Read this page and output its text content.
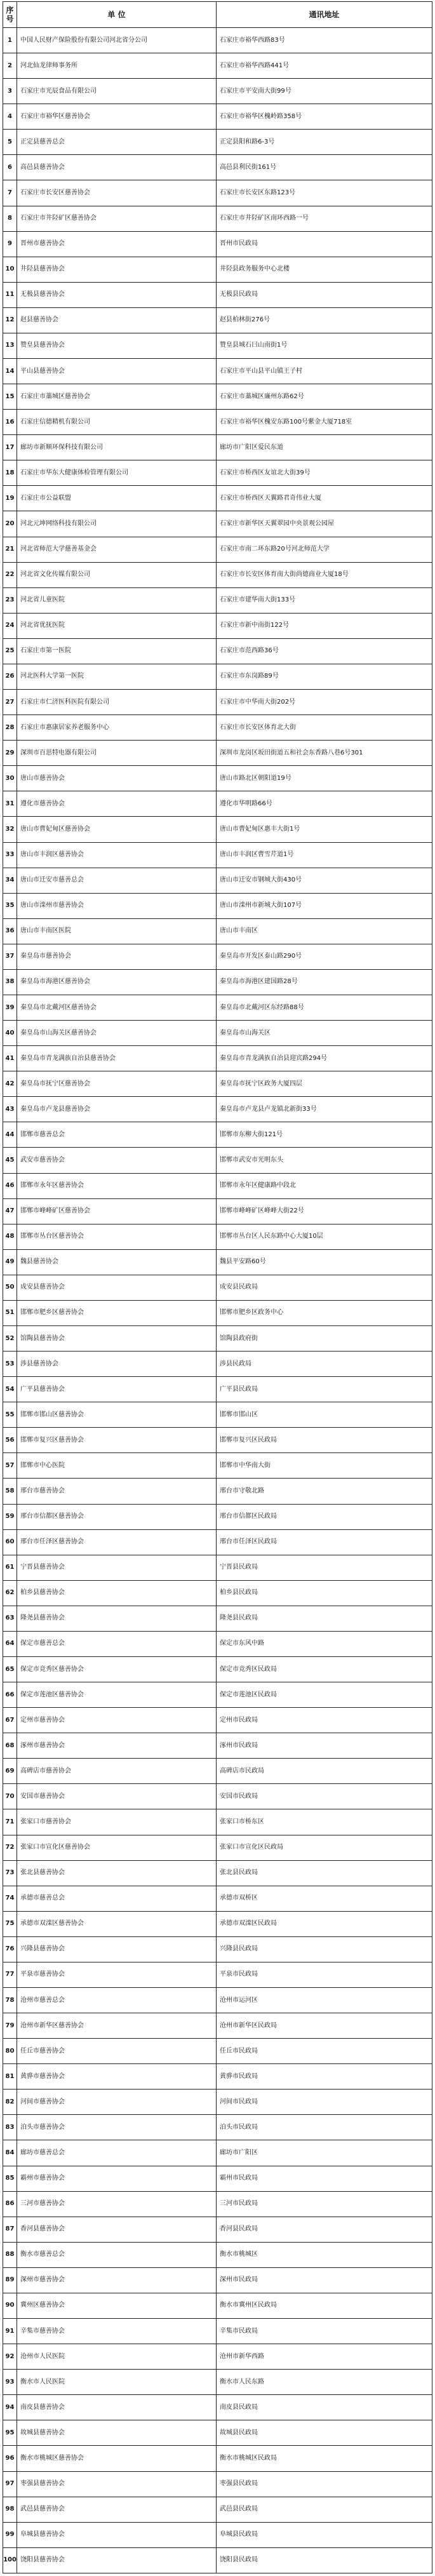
序号	单 位	通讯地址
1	中国人民财产保险股份有限公司河北省分公司	石家庄市裕华西路83号
2	河北仙龙律师事务所	石家庄市裕华西路441号
3	石家庄市光辰食品有限公司	石家庄市平安南大街99号
4	石家庄市裕华区慈善协会	石家庄市裕华区槐岭路358号
5	正定县慈善总会	正定县阳和路6-3号
6	高邑县慈善协会	高邑县利民街161号
7	石家庄市长安区慈善协会	石家庄市长安区东路123号
8	石家庄市井陉矿区慈善协会	石家庄市井陉矿区南环西路一号
9	晋州市慈善协会	晋州市民政局
10	井陉县慈善协会	井陉县政务服务中心北楼
11	无极县慈善协会	无极县民政局
12	赵县慈善协会	赵县柏林街276号
13	赞皇县慈善协会	赞皇县城石曰山南街1号
14	平山县慈善协会	石家庄市平山县平山镇王子村
15	石家庄市藁城区慈善协会	石家庄市藁城区廉州东路62号
16	石家庄信德精机有限公司	石家庄市裕华区槐安东路100号紫金大厦718室
17	廊坊市新顺环保科技有限公司	廊坊市广阳区爱民东道
18	石家庄市华东大健康体检管理有限公司	石家庄市桥西区友谊北大街39号
19	石家庄市公益联盟	石家庄市桥西区天翼路君奇伟业大厦
20	河北元坤网络科技有限公司	石家庄市新华区天翼翠园中央景观公园屋
21	河北省师范大学慈善基金会	石家庄市南二环东路20号河北师范大学
22	河北省文化传媒有限公司	石家庄市长安区体育南大街尚德商业大厦18号
23	河北省儿童医院	石家庄市建华南大街133号
24	河北省优抚医院	石家庄市新中南街122号
25	石家庄市第一医院	石家庄市范西路36号
26	河北医科大学第一医院	石家庄市东岗路89号
27	石家庄市仁济医科医院有限公司	石家庄市中华南大街202号
28	石家庄市惠康居家养老服务中心	石家庄市长安区体育北大街
29	深圳市百思特电器有限公司	深圳市龙岗区坂田街道五和社会东香路八巷6号301
30	唐山市慈善协会	唐山市路北区朝阳道19号
31	遵化市慈善协会	遵化市华明路66号
32	唐山市曹妃甸区慈善协会	唐山市曹妃甸区惠丰大街1号
33	唐山市丰润区慈善协会	唐山市丰润区曹雪芹道1号
34	唐山市迁安市慈善总会	唐山市迁安市钢城大街430号
35	唐山市滦州市慈善协会	唐山市滦州市新城大街107号
36	唐山市丰南区医院	唐山市丰南区
37	秦皇岛市慈善协会	秦皇岛市开发区泰山路290号
38	秦皇岛市海港区慈善协会	秦皇岛市海港区建国路28号
39	秦皇岛市北戴河区慈善协会	秦皇岛市北戴河区东经路88号
40	秦皇岛市山海关区慈善协会	秦皇岛市山海关区
41	秦皇岛市青龙满族自治县慈善协会	秦皇岛市青龙满族自治县迎宾路294号
42	秦皇岛市抚宁区慈善协会	秦皇岛市抚宁区政务大厦四层
43	秦皇岛市卢龙县慈善协会	秦皇岛市卢龙县卢龙镇北新街33号
44	邯郸市慈善总会	邯郸市东柳大街121号
45	武安市慈善协会	邯郸市武安市光明东头
46	邯郸市永年区慈善协会	邯郸市永年区健康路中段北
47	邯郸市峰峰矿区慈善协会	邯郸市峰峰矿区峰峰大街22号
48	邯郸市丛台区慈善协会	邯郸市丛台区人民东路中心大厦10层
49	魏县慈善协会	魏县平安路60号
50	成安县慈善协会	成安县民政局
51	邯郸市肥乡区慈善协会	邯郸市肥乡区政务中心
52	馆陶县慈善协会	馆陶县政府街
53	涉县慈善协会	涉县民政局
54	广平县慈善协会	广平县民政局
55	邯郸市邯山区慈善协会	邯郸市邯山区
56	邯郸市复兴区慈善协会	邯郸市复兴区民政局
57	邯郸市中心医院	邯郸市中华南大街
58	邢台市慈善协会	邢台市守敬北路
59	邢台市信都区慈善协会	邢台市信都区民政局
60	邢台市任泽区慈善协会	邢台市任泽区民政局
61	宁晋县慈善协会	宁晋县民政局
62	柏乡县慈善协会	柏乡县民政局
63	隆尧县慈善协会	隆尧县民政局
64	保定市慈善总会	保定市东风中路
65	保定市竞秀区慈善协会	保定市竞秀区民政局
66	保定市莲池区慈善协会	保定市莲池区民政局
67	定州市慈善协会	定州市民政局
68	涿州市慈善协会	涿州市民政局
69	高碑店市慈善协会	高碑店市民政局
70	安国市慈善协会	安国市民政局
71	张家口市慈善协会	张家口市桥东区
72	张家口市宣化区慈善协会	张家口市宣化区民政局
73	张北县慈善协会	张北县民政局
74	承德市慈善总会	承德市双桥区
75	承德市双滦区慈善协会	承德市双滦区民政局
76	兴隆县慈善协会	兴隆县民政局
77	平泉市慈善协会	平泉市民政局
78	沧州市慈善总会	沧州市运河区
79	沧州市新华区慈善协会	沧州市新华区民政局
80	任丘市慈善协会	任丘市民政局
81	黄骅市慈善协会	黄骅市民政局
82	河间市慈善协会	河间市民政局
83	泊头市慈善协会	泊头市民政局
84	廊坊市慈善总会	廊坊市广阳区
85	霸州市慈善协会	霸州市民政局
86	三河市慈善协会	三河市民政局
87	香河县慈善协会	香河县民政局
88	衡水市慈善总会	衡水市桃城区
89	深州市慈善协会	深州市民政局
90	冀州区慈善协会	衡水市冀州区民政局
91	辛集市慈善协会	辛集市民政局
92	沧州市人民医院	沧州市新华西路
93	衡水市人民医院	衡水市人民东路
94	南皮县慈善协会	南皮县民政局
95	故城县慈善协会	故城县民政局
96	衡水市桃城区慈善协会	衡水市桃城区民政局
97	枣强县慈善协会	枣强县民政局
98	武邑县慈善协会	武邑县民政局
99	阜城县慈善协会	阜城县民政局
100	饶阳县慈善协会	饶阳县民政局
